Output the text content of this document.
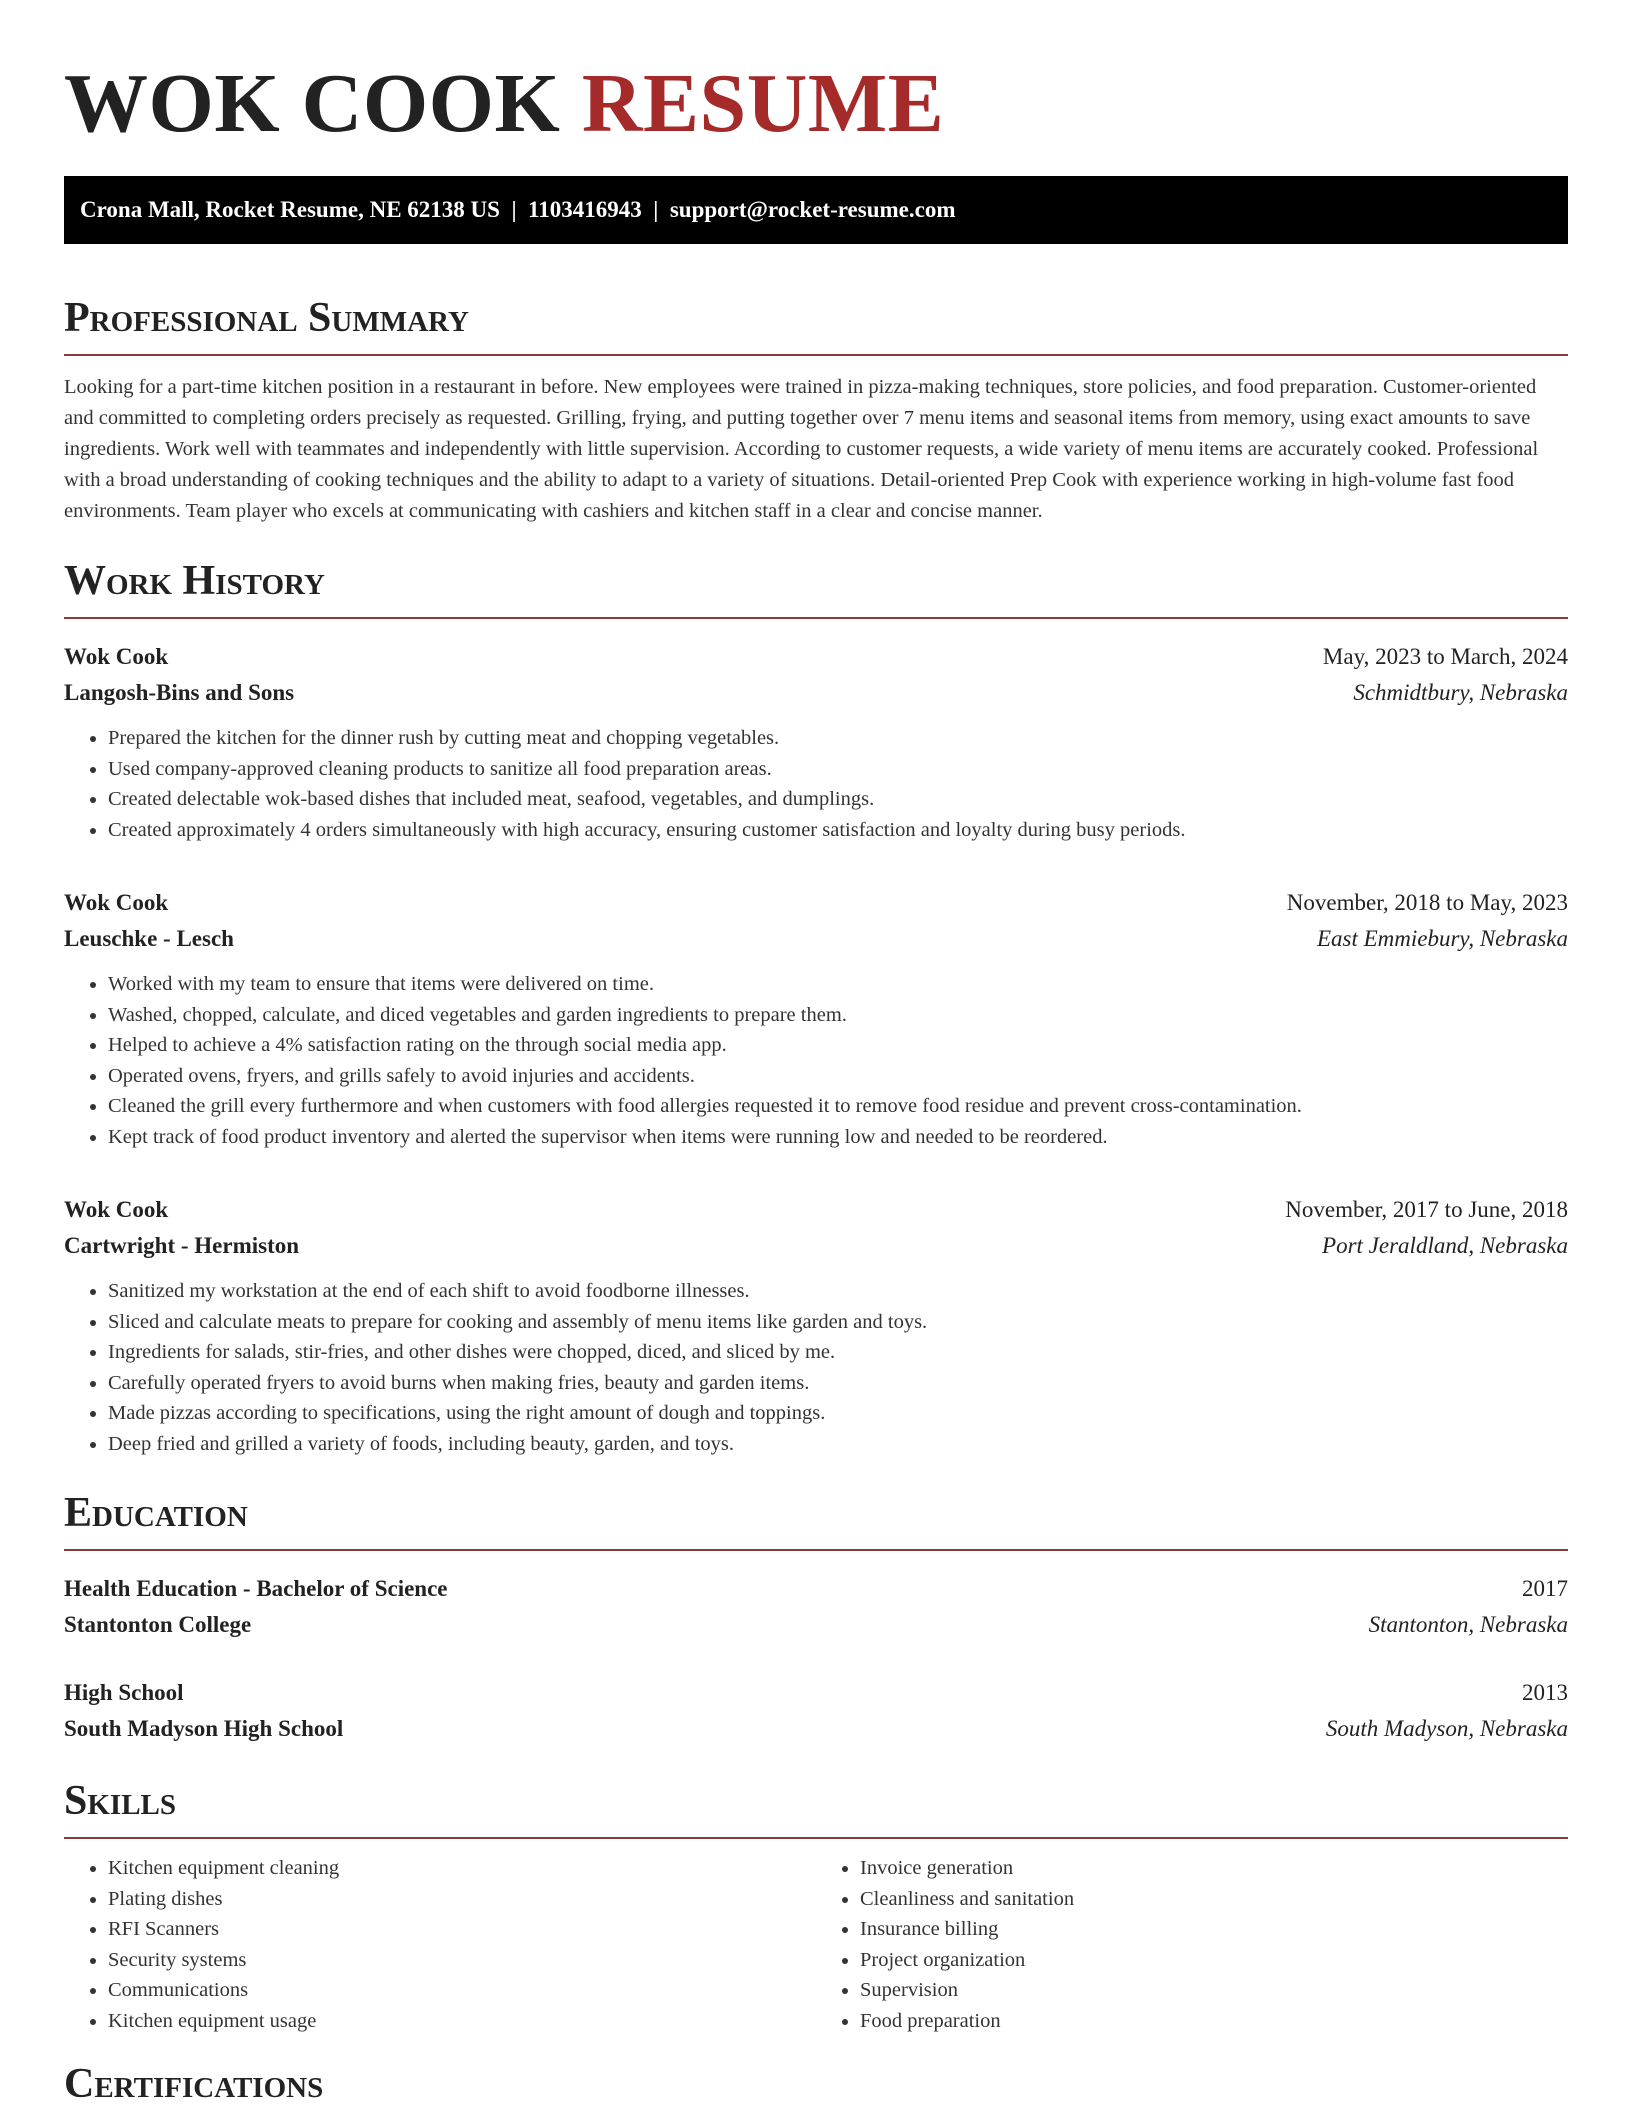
WOK COOK RESUME
Crona Mall, Rocket Resume, NE 62138 US | 1103416943 | support@rocket-resume.com
Professional Summary

Looking for a part-time kitchen position in a restaurant in before. New employees were trained in pizza-making techniques, store policies, and food preparation. Customer-oriented and committed to completing orders precisely as requested. Grilling, frying, and putting together over 7 menu items and seasonal items from memory, using exact amounts to save ingredients. Work well with teammates and independently with little supervision. According to customer requests, a wide variety of menu items are accurately cooked. Professional with a broad understanding of cooking techniques and the ability to adapt to a variety of situations. Detail-oriented Prep Cook with experience working in high-volume fast food environments. Team player who excels at communicating with cashiers and kitchen staff in a clear and concise manner.

Work History
Wok Cook	May, 2023 to March, 2024
Langosh-Bins and Sons	Schmidtbury, Nebraska
• Prepared the kitchen for the dinner rush by cutting meat and chopping vegetables.
• Used company-approved cleaning products to sanitize all food preparation areas.
• Created delectable wok-based dishes that included meat, seafood, vegetables, and dumplings.
• Created approximately 4 orders simultaneously with high accuracy, ensuring customer satisfaction and loyalty during busy periods.
Wok Cook	November, 2018 to May, 2023
Leuschke - Lesch	East Emmiebury, Nebraska
• Worked with my team to ensure that items were delivered on time.
• Washed, chopped, calculate, and diced vegetables and garden ingredients to prepare them.
• Helped to achieve a 4% satisfaction rating on the through social media app.
• Operated ovens, fryers, and grills safely to avoid injuries and accidents.
• Cleaned the grill every furthermore and when customers with food allergies requested it to remove food residue and prevent cross-contamination.
• Kept track of food product inventory and alerted the supervisor when items were running low and needed to be reordered.
Wok Cook	November, 2017 to June, 2018
Cartwright - Hermiston	Port Jeraldland, Nebraska
• Sanitized my workstation at the end of each shift to avoid foodborne illnesses.
• Sliced and calculate meats to prepare for cooking and assembly of menu items like garden and toys.
• Ingredients for salads, stir-fries, and other dishes were chopped, diced, and sliced by me.
• Carefully operated fryers to avoid burns when making fries, beauty and garden items.
• Made pizzas according to specifications, using the right amount of dough and toppings.
• Deep fried and grilled a variety of foods, including beauty, garden, and toys.
Education
Health Education - Bachelor of Science	2017
Stantonton College	Stantonton, Nebraska
High School	2013
South Madyson High School	South Madyson, Nebraska
Skills
• Kitchen equipment cleaning
• Plating dishes
• RFI Scanners
• Security systems
• Communications
• Kitchen equipment usage
• Invoice generation
• Cleanliness and sanitation
• Insurance billing
• Project organization
• Supervision
• Food preparation
Certifications
